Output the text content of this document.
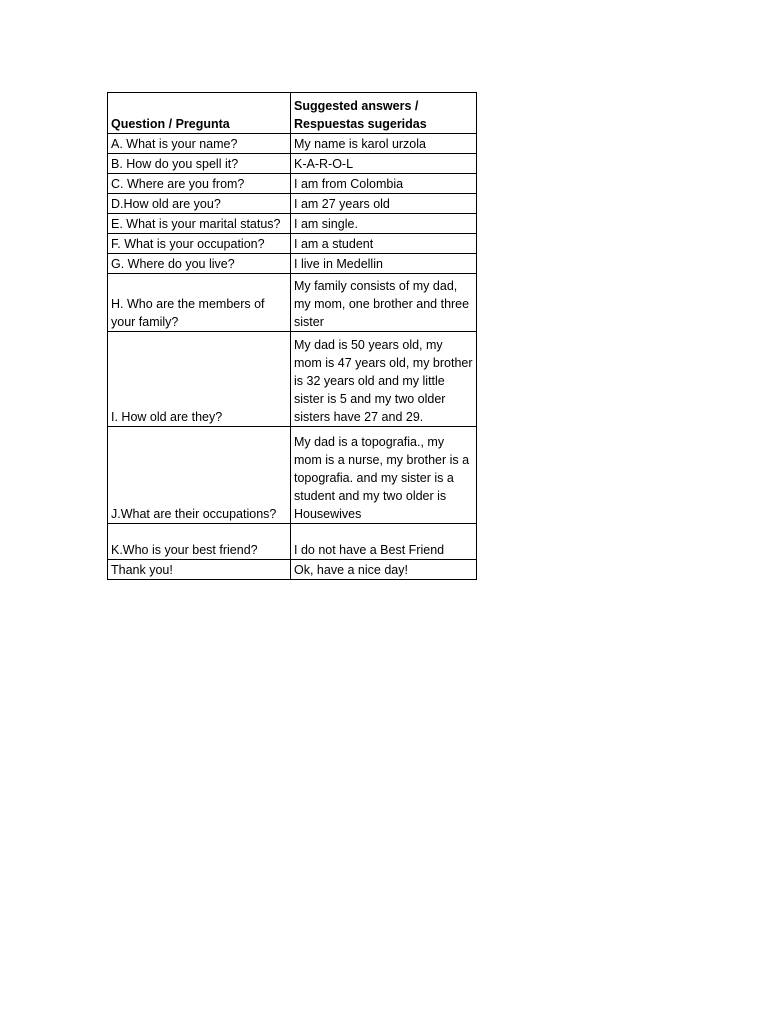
Question / Pregunta	Suggested answers / Respuestas sugeridas
A. What is your name?	My name is karol urzola
B. How do you spell it?	K-A-R-O-L
C. Where are you from?	I am from Colombia
D.How old are you?	I am 27 years old
E. What is your marital status?	I am single.
F. What is your occupation?	I am a student
G. Where do you live?	I live in Medellin
H. Who are the members of your family?	My family consists of my dad, my mom, one brother and three sister
I. How old are they?	My dad is 50 years old, my mom is 47 years old, my brother is 32 years old and my little sister is 5 and my two older sisters have 27 and 29.
J.What are their occupations?	My dad is a topografia., my mom is a nurse, my brother is a topografia. and my sister is a student and my two older is Housewives
K.Who is your best friend?	I do not have a Best Friend
Thank you!	Ok, have a nice day!
